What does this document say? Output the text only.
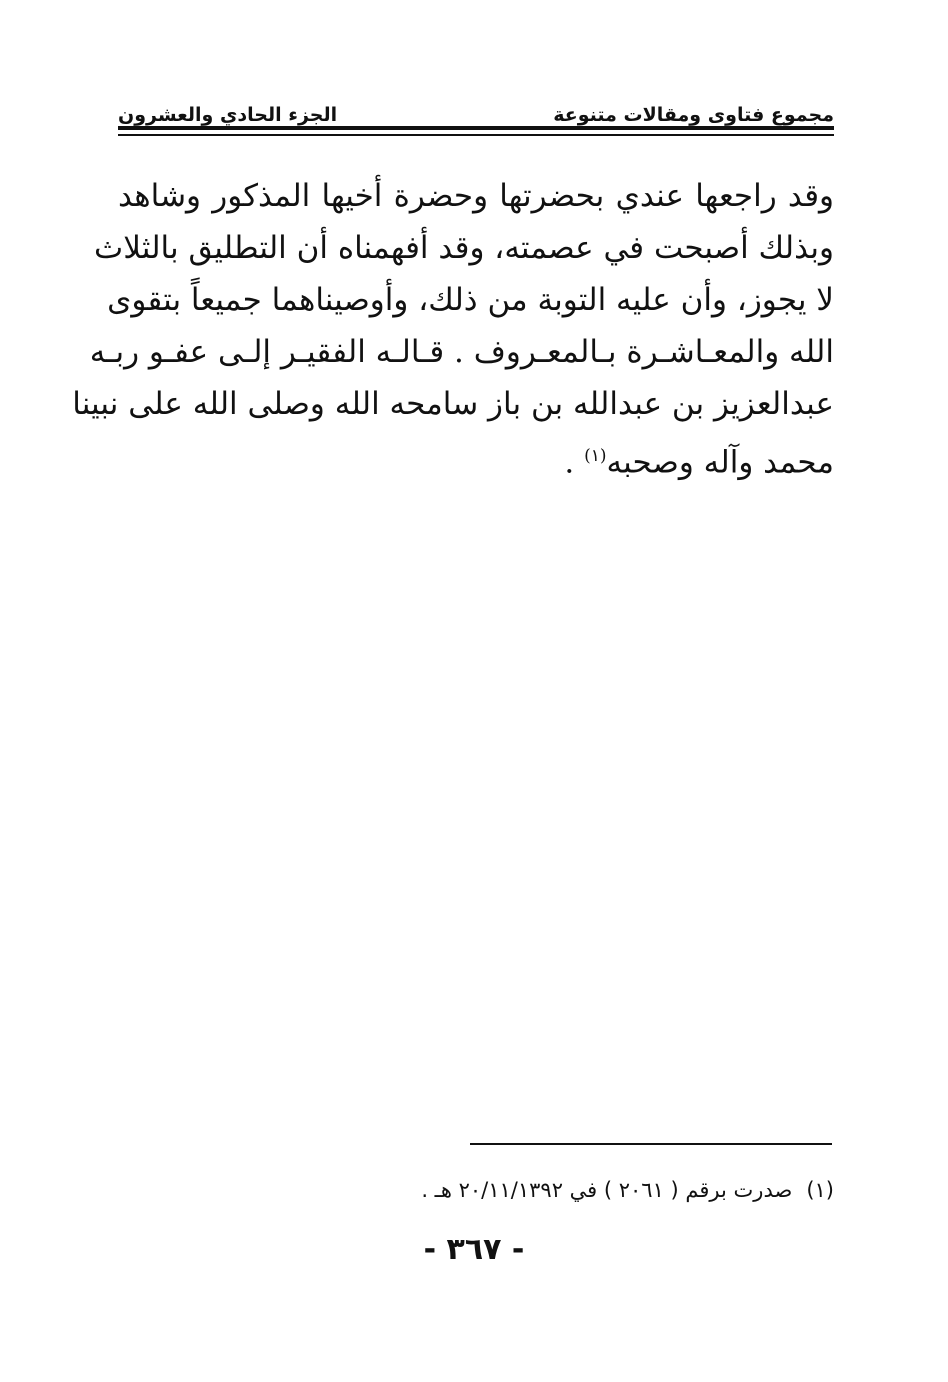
مجموع فتاوى ومقالات متنوعة
الجزء الحادي والعشرون
وقد راجعها عندي بحضرتها وحضرة أخيها المذكور وشاهد
وبذلك أصبحت في عصمته، وقد أفهمناه أن التطليق بالثلاث
لا يجوز، وأن عليه التوبة من ذلك، وأوصيناهما جميعاً بتقوى
الله والمعـاشـرة بـالمعـروف . قـالـه الفقيـر إلـى عفـو ربـه
عبدالعزيز بن عبدالله بن باز سامحه الله وصلى الله على نبينا
محمد وآله وصحبه$^{(١)}$ .
(١)صدرت برقم ( ٢٠٦١ ) في ٢٠/١١/١٣٩٢ هـ .
- ٣٦٧ -
